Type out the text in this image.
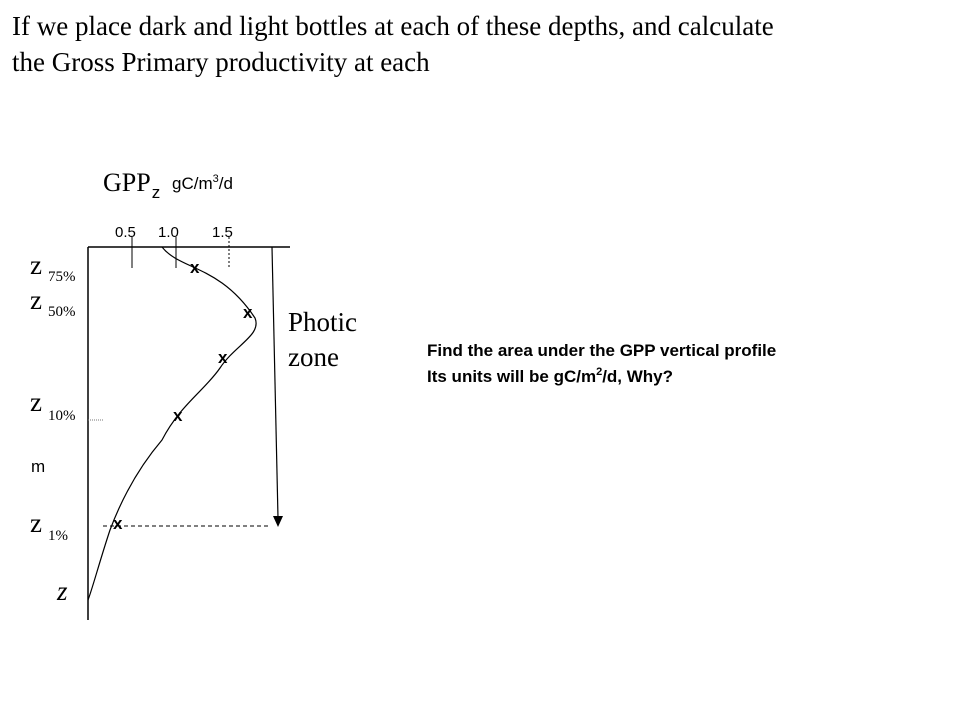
If we place dark and light bottles at each of these depths, and calculate
the Gross Primary productivity at each
$GPP_z$ $gC/m^3/d$
0.5 1.0 1.5
x
x
x
x
x
z $_{75\%}$
z $_{50\%}$
z $_{10\%}$
z $_{1\%}$
m
z
Photic
zone	Find the area under the GPP vertical profile
Its units will be $gC/m^2/d$, Why?
